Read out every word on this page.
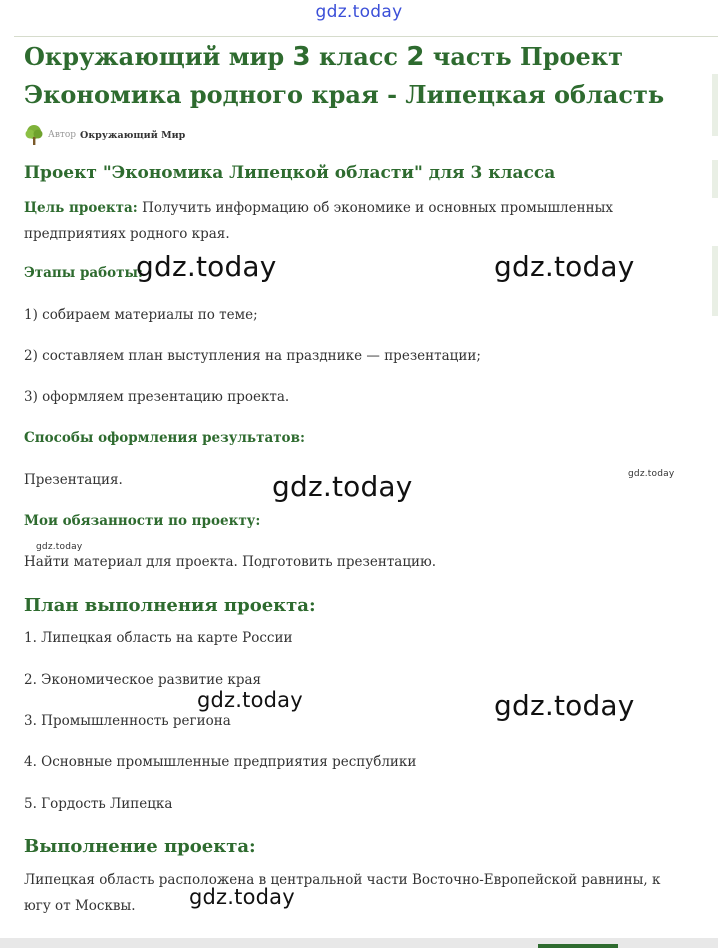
gdz.today
Окружающий мир 3 класс 2 часть Проект
Экономика родного края - Липецкая область
Автор Окружающий Мир
Проект "Экономика Липецкой области" для 3 класса
Цель проекта: Получить информацию об экономике и основных промышленных
предприятиях родного края.
Этапы работы:
1) собираем материалы по теме;
2) составляем план выступления на празднике — презентации;
3) оформляем презентацию проекта.
Способы оформления результатов:
Презентация.
Мои обязанности по проекту:
Найти материал для проекта. Подготовить презентацию.
План выполнения проекта:
1. Липецкая область на карте России
2. Экономическое развитие края
3. Промышленность региона
4. Основные промышленные предприятия республики
5. Гордость Липецка
Выполнение проекта:
Липецкая область расположена в центральной части Восточно-Европейской равнины, к
югу от Москвы.
gdz.today	gdz.today
gdz.today	gdz.today
gdz.today
gdz.today	gdz.today
gdz.today
